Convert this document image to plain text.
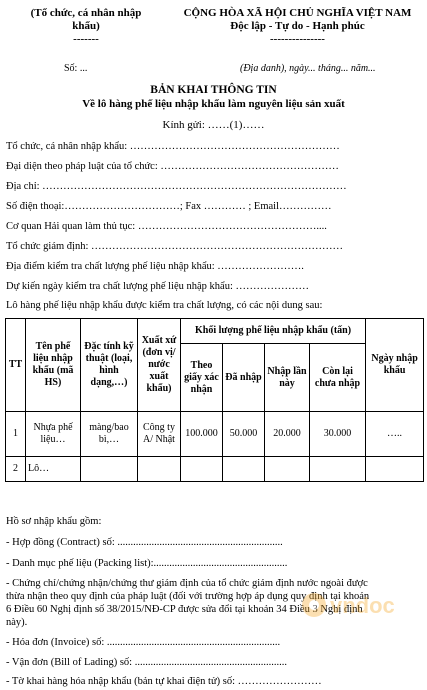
(Tổ chức, cá nhân nhập
khẩu)
-------
CỘNG HÒA XÃ HỘI CHỦ NGHĨA VIỆT NAM
Độc lập - Tự do - Hạnh phúc
---------------
Số: ...	(Địa danh), ngày... tháng... năm...
BẢN KHAI THÔNG TIN
Về lô hàng phế liệu nhập khẩu làm nguyên liệu sản xuất
Kính gửi: ……(1)……
Tổ chức, cá nhân nhập khẩu: ……………………………………………………
Đại diện theo pháp luật của tổ chức: ……………………………………………
Địa chỉ: ……………………………………………………………………………
Số điện thoại:……………………………; Fax ………… ; Email……………
Cơ quan Hải quan làm thủ tục: ……………………………………………....
Tổ chức giám định: ………………………………………………………………
Địa điểm kiểm tra chất lượng phế liệu nhập khẩu: …………………….
Dự kiến ngày kiểm tra chất lượng phế liệu nhập khẩu: …………………
Lô hàng phế liệu nhập khẩu được kiểm tra chất lượng, có các nội dung sau:
TT	Tên phế liệu nhập khẩu (mã HS)	Đặc tính kỹ thuật (loại, hình dạng,…)	Xuất xứ (đơn vị/ nước xuất khẩu)	Khối lượng phế liệu nhập khẩu (tấn)				Ngày nhập khẩu
				Theo giấy xác nhận	Đã nhập	Nhập lần này	Còn lại chưa nhập	
1	Nhựa phế liệu…	màng/bao bì,…	Công ty A/ Nhật	100.000	50.000	20.000	30.000	…..
2	Lô…							
Hồ sơ nhập khẩu gồm:
- Hợp đồng (Contract) số: ...............................................................
- Danh mục phế liệu (Packing list):...................................................
- Chứng chỉ/chứng nhận/chứng thư giám định của tổ chức giám định nước ngoài được
thừa nhận theo quy định của pháp luật (đối với trường hợp áp dụng quy định tại khoản
6 Điều 60 Nghị định số 38/2015/NĐ-CP được sửa đổi tại khoản 34 Điều 3 Nghị định
này).
- Hóa đơn (Invoice) số: ..................................................................
- Vận đơn (Bill of Lading) số: ..........................................................
- Tờ khai hàng hóa nhập khẩu (bản tự khai điện tử) số: ……………………
vndoc
